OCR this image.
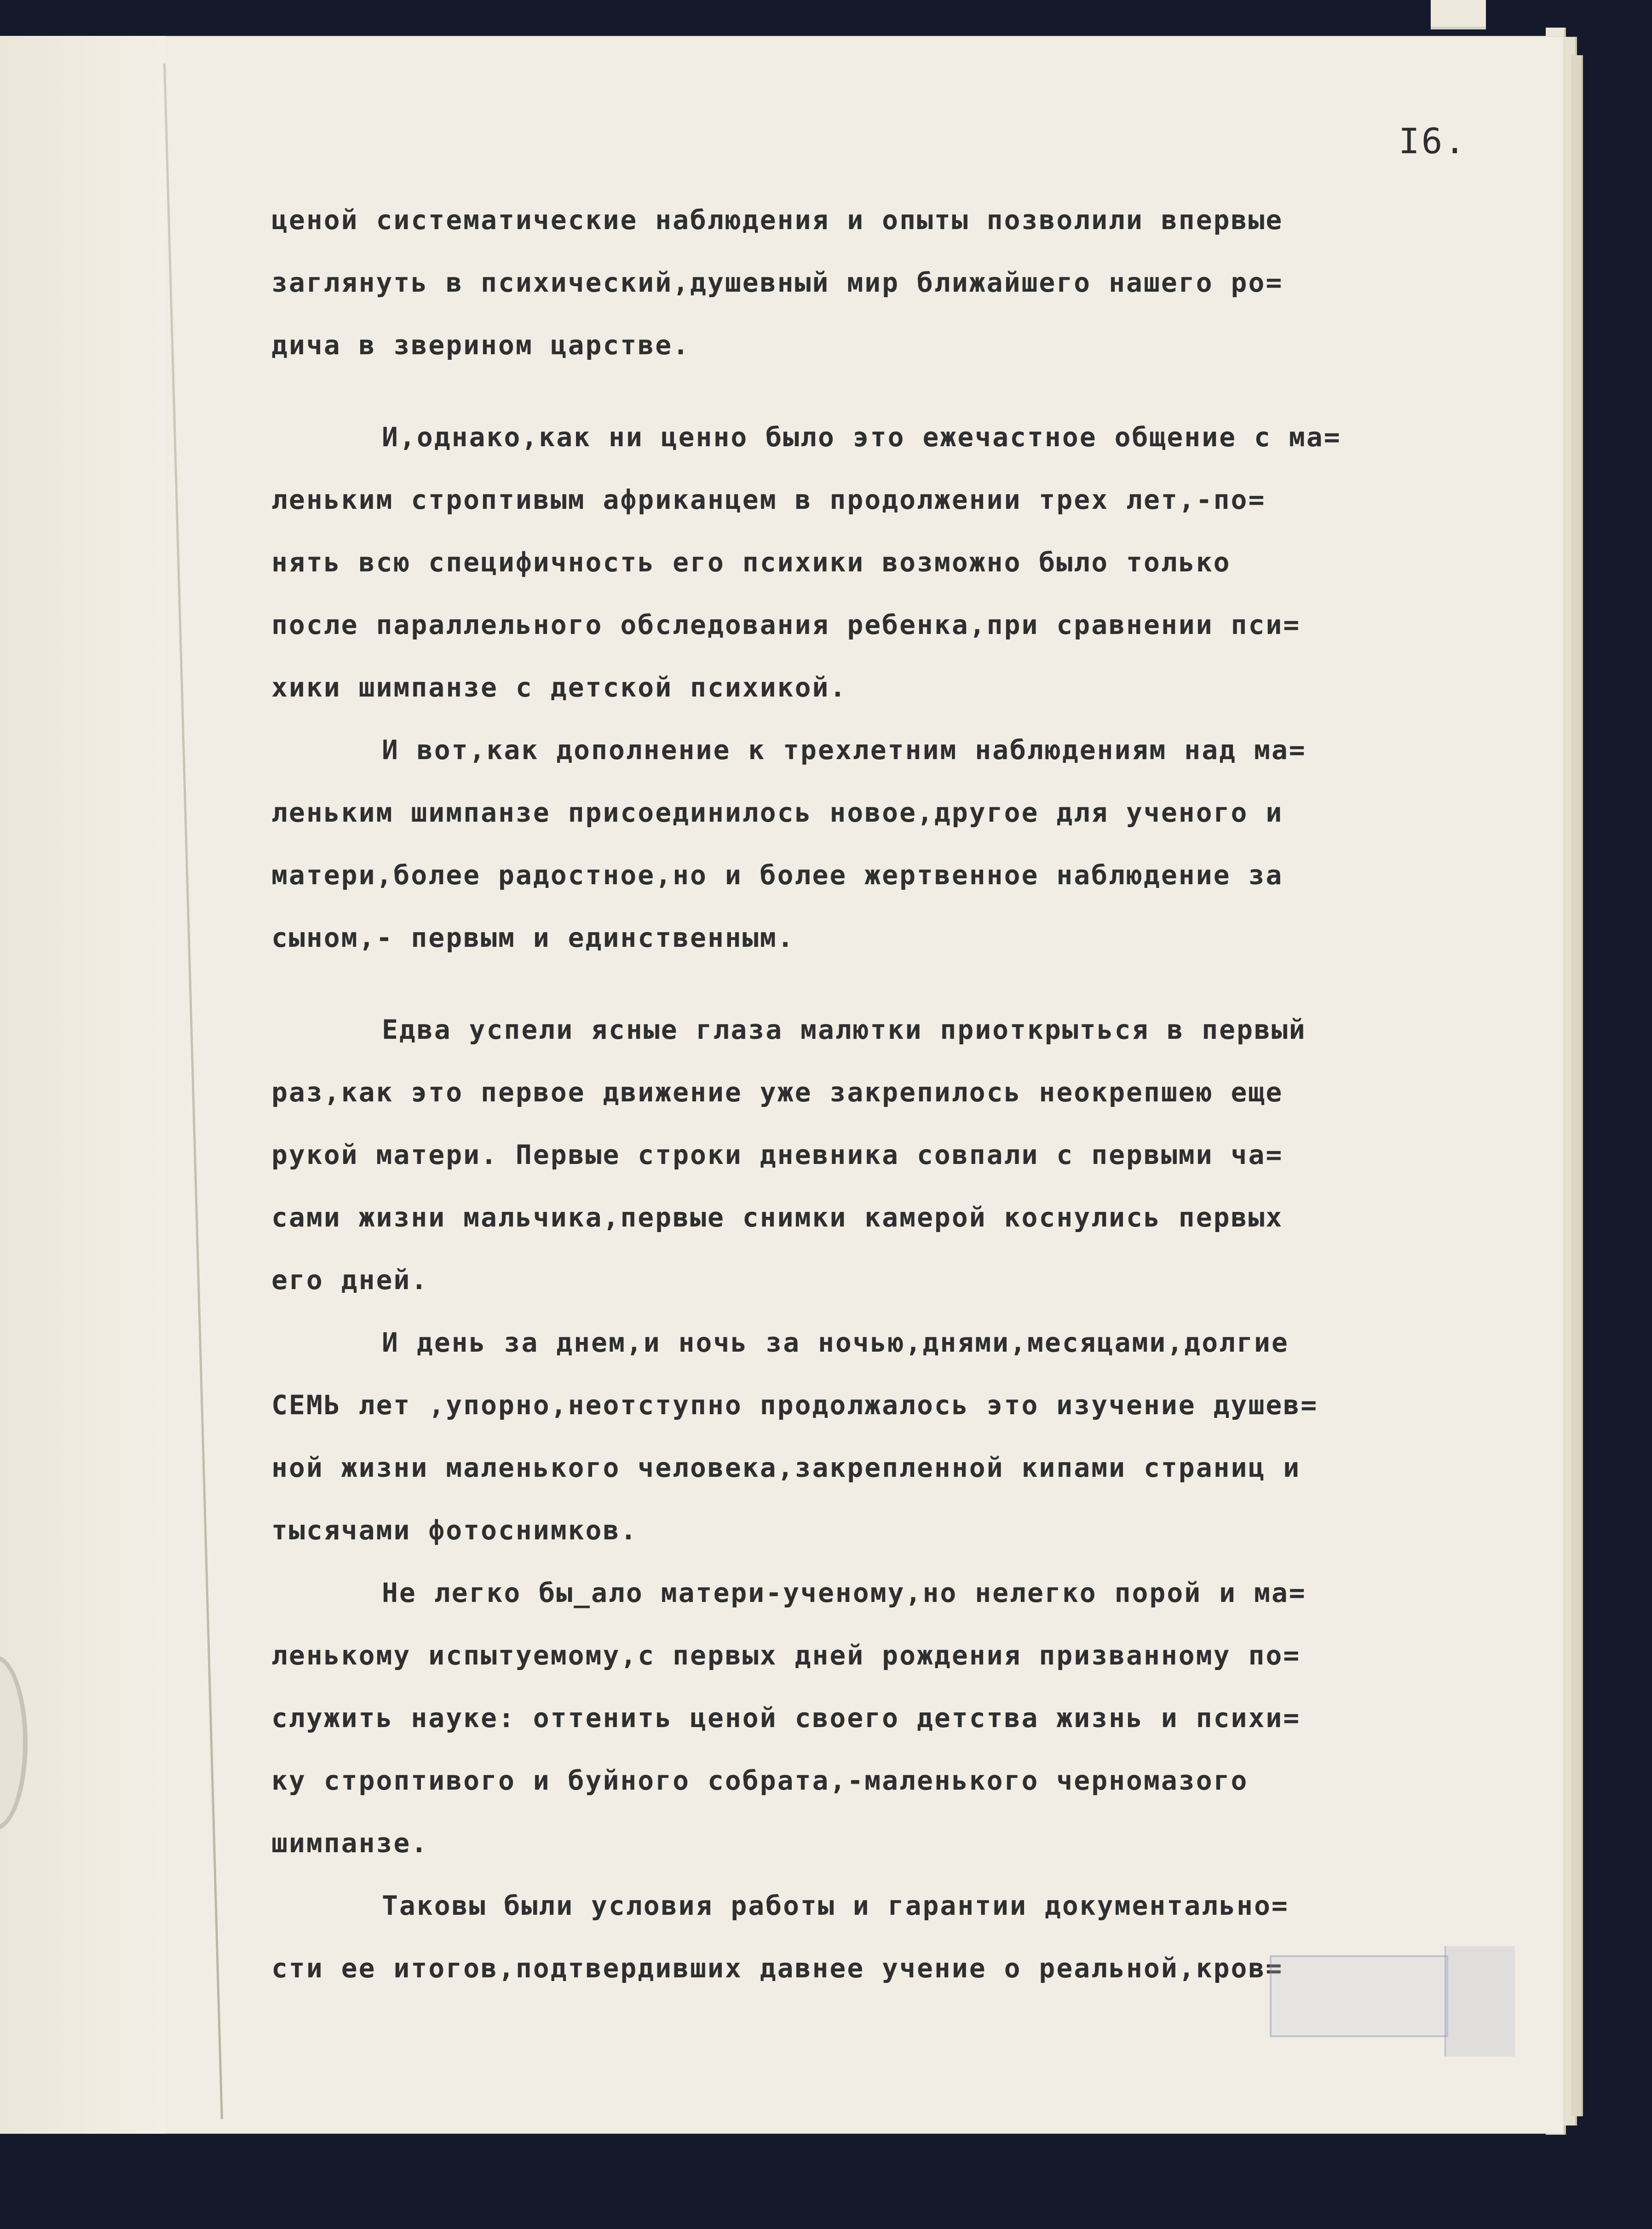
I6.

ценой систематические наблюдения и опыты позволили впервые

заглянуть в психический,душевный мир ближайшего нашего ро=

дича в зверином царстве.

И,однако,как ни ценно было это ежечастное общение с ма=

леньким строптивым африканцем в продолжении трех лет,-по=

нять всю специфичность его психики возможно было только

после параллельного обследования ребенка,при сравнении пси=

хики шимпанзе с детской психикой.

И вот,как дополнение к трехлетним наблюдениям над ма=

леньким шимпанзе присоединилось новое,другое для ученого и

матери,более радостное,но и более жертвенное наблюдение за

сыном,- первым и единственным.

Едва успели ясные глаза малютки приоткрыться в первый

раз,как это первое движение уже закрепилось неокрепшею еще

рукой матери. Первые строки дневника совпали с первыми ча=

сами жизни мальчика,первые снимки камерой коснулись первых

его дней.

И день за днем,и ночь за ночью,днями,месяцами,долгие

СЕМЬ лет ,упорно,неотступно продолжалось это изучение душев=

ной жизни маленького человека,закрепленной кипами страниц и

тысячами фотоснимков.

Не легко бы_ало матери-ученому,но нелегко порой и ма=

ленькому испытуемому,с первых дней рождения призванному по=

служить науке: оттенить ценой своего детства жизнь и психи=

ку строптивого и буйного собрата,-маленького черномазого

шимпанзе.

Таковы были условия работы и гарантии документально=

сти ее итогов,подтвердивших давнее учение о реальной,кров=
